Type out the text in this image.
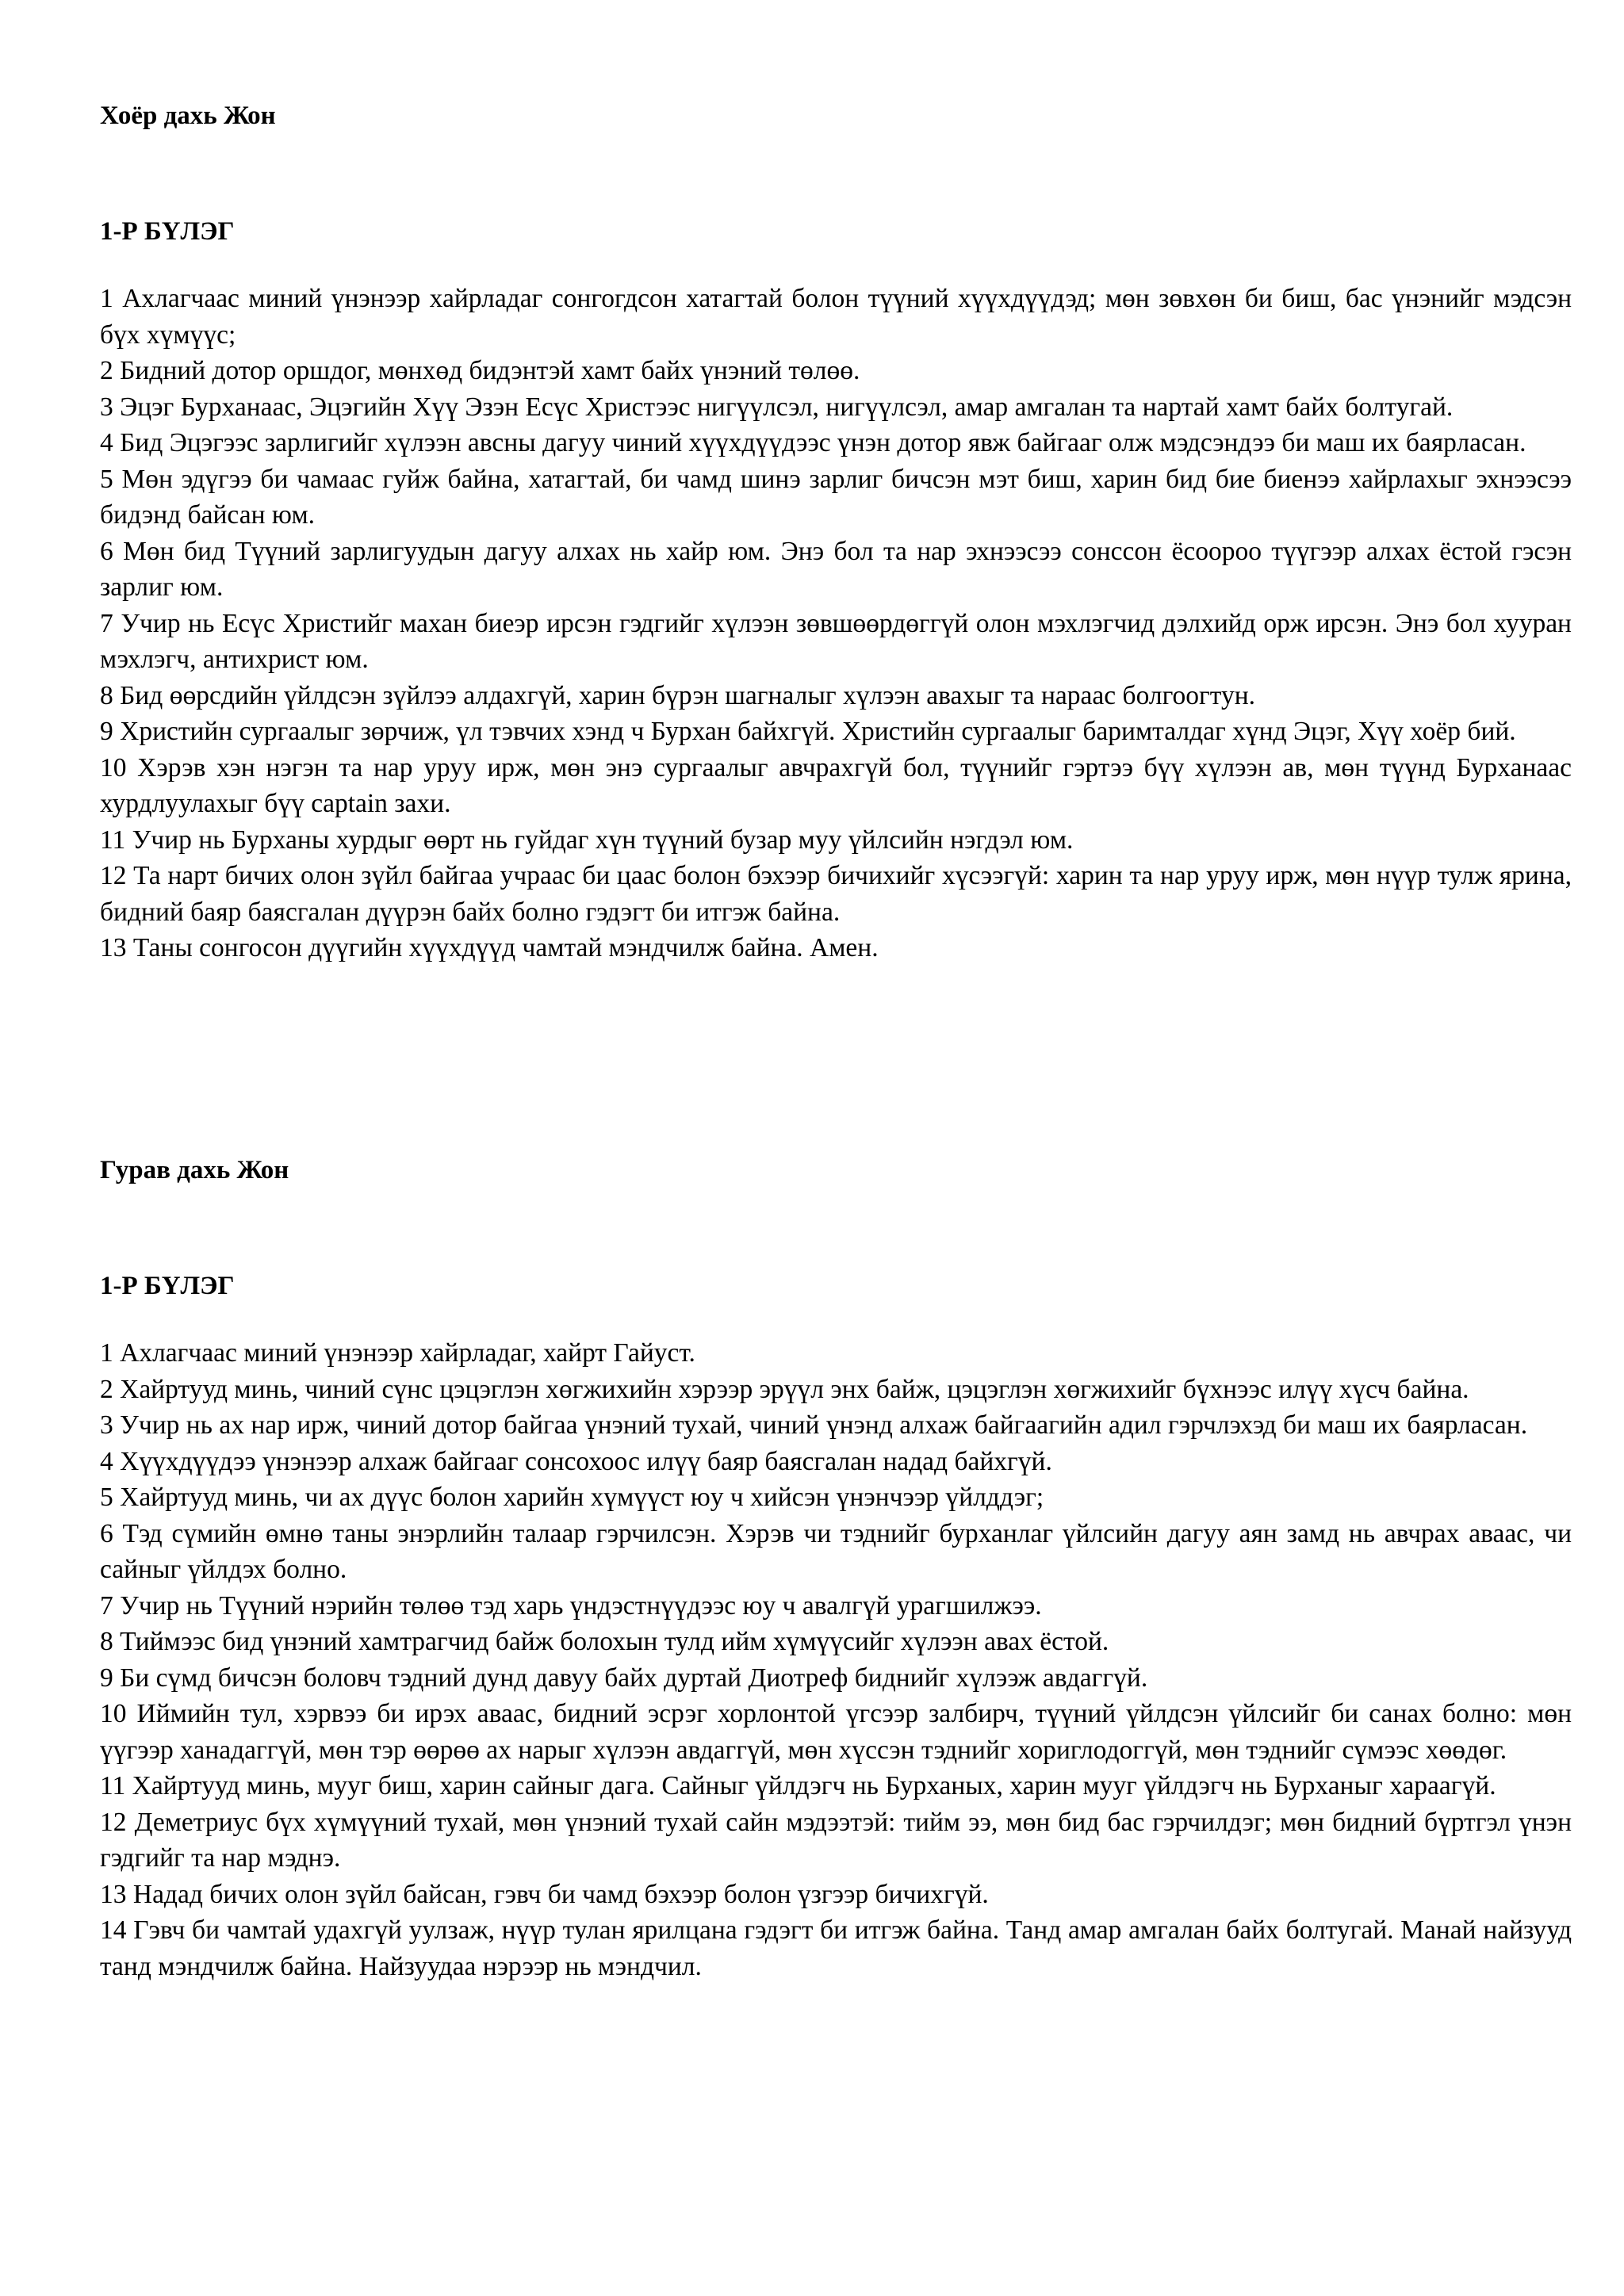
Хоёр дахь Жон
1-Р БҮЛЭГ

1 Ахлагчаас миний үнэнээр хайрладаг сонгогдсон хатагтай болон түүний хүүхдүүдэд; мөн зөвхөн би биш, бас үнэнийг мэдсэн бүх хүмүүс;

2 Бидний дотор оршдог, мөнхөд бидэнтэй хамт байх үнэний төлөө.

3 Эцэг Бурханаас, Эцэгийн Хүү Эзэн Есүс Христээс нигүүлсэл, нигүүлсэл, амар амгалан та нартай хамт байх болтугай.

4 Бид Эцэгээс зарлигийг хүлээн авсны дагуу чиний хүүхдүүдээс үнэн дотор явж байгааг олж мэдсэндээ би маш их баярласан.

5 Мөн эдүгээ би чамаас гуйж байна, хатагтай, би чамд шинэ зарлиг бичсэн мэт биш, харин бид бие биенээ хайрлахыг эхнээсээ бидэнд байсан юм.

6 Мөн бид Түүний зарлигуудын дагуу алхах нь хайр юм. Энэ бол та нар эхнээсээ сонссон ёсоороо түүгээр алхах ёстой гэсэн зарлиг юм.

7 Учир нь Есүс Христийг махан биеэр ирсэн гэдгийг хүлээн зөвшөөрдөггүй олон мэхлэгчид дэлхийд орж ирсэн. Энэ бол хууран мэхлэгч, антихрист юм.

8 Бид өөрсдийн үйлдсэн зүйлээ алдахгүй, харин бүрэн шагналыг хүлээн авахыг та нараас болгоогтун.

9 Христийн сургаалыг зөрчиж, үл тэвчих хэнд ч Бурхан байхгүй. Христийн сургаалыг баримталдаг хүнд Эцэг, Хүү хоёр бий.

10 Хэрэв хэн нэгэн та нар уруу ирж, мөн энэ сургаалыг авчрахгүй бол, түүнийг гэртээ бүү хүлээн ав, мөн түүнд Бурханаас хурдлуулахыг бүү captain захи.

11 Учир нь Бурханы хурдыг өөрт нь гуйдаг хүн түүний бузар муу үйлсийн нэгдэл юм.

12 Та нарт бичих олон зүйл байгаа учраас би цаас болон бэхээр бичихийг хүсээгүй: харин та нар уруу ирж, мөн нүүр тулж ярина, бидний баяр баясгалан дүүрэн байх болно гэдэгт би итгэж байна.

13 Таны сонгосон дүүгийн хүүхдүүд чамтай мэндчилж байна. Амен.

Гурав дахь Жон
1-Р БҮЛЭГ

1 Ахлагчаас миний үнэнээр хайрладаг, хайрт Гайуст.

2 Хайртууд минь, чиний сүнс цэцэглэн хөгжихийн хэрээр эрүүл энх байж, цэцэглэн хөгжихийг бүхнээс илүү хүсч байна.

3 Учир нь ах нар ирж, чиний дотор байгаа үнэний тухай, чиний үнэнд алхаж байгаагийн адил гэрчлэхэд би маш их баярласан.

4 Хүүхдүүдээ үнэнээр алхаж байгааг сонсохоос илүү баяр баясгалан надад байхгүй.

5 Хайртууд минь, чи ах дүүс болон харийн хүмүүст юу ч хийсэн үнэнчээр үйлддэг;

6 Тэд сүмийн өмнө таны энэрлийн талаар гэрчилсэн. Хэрэв чи тэднийг бурханлаг үйлсийн дагуу аян замд нь авчрах аваас, чи сайныг үйлдэх болно.

7 Учир нь Түүний нэрийн төлөө тэд харь үндэстнүүдээс юу ч авалгүй урагшилжээ.

8 Тиймээс бид үнэний хамтрагчид байж болохын тулд ийм хүмүүсийг хүлээн авах ёстой.

9 Би сүмд бичсэн боловч тэдний дунд давуу байх дуртай Диотреф биднийг хүлээж авдаггүй.

10 Иймийн тул, хэрвээ би ирэх аваас, бидний эсрэг хорлонтой үгсээр залбирч, түүний үйлдсэн үйлсийг би санах болно: мөн үүгээр ханадаггүй, мөн тэр өөрөө ах нарыг хүлээн авдаггүй, мөн хүссэн тэднийг хориглодоггүй, мөн тэднийг сүмээс хөөдөг.

11 Хайртууд минь, мууг биш, харин сайныг дага. Сайныг үйлдэгч нь Бурханых, харин мууг үйлдэгч нь Бурханыг хараагүй.

12 Деметриус бүх хүмүүний тухай, мөн үнэний тухай сайн мэдээтэй: тийм ээ, мөн бид бас гэрчилдэг; мөн бидний бүртгэл үнэн гэдгийг та нар мэднэ.

13 Надад бичих олон зүйл байсан, гэвч би чамд бэхээр болон үзгээр бичихгүй.

14 Гэвч би чамтай удахгүй уулзаж, нүүр тулан ярилцана гэдэгт би итгэж байна. Танд амар амгалан байх болтугай. Манай найзууд танд мэндчилж байна. Найзуудаа нэрээр нь мэндчил.
